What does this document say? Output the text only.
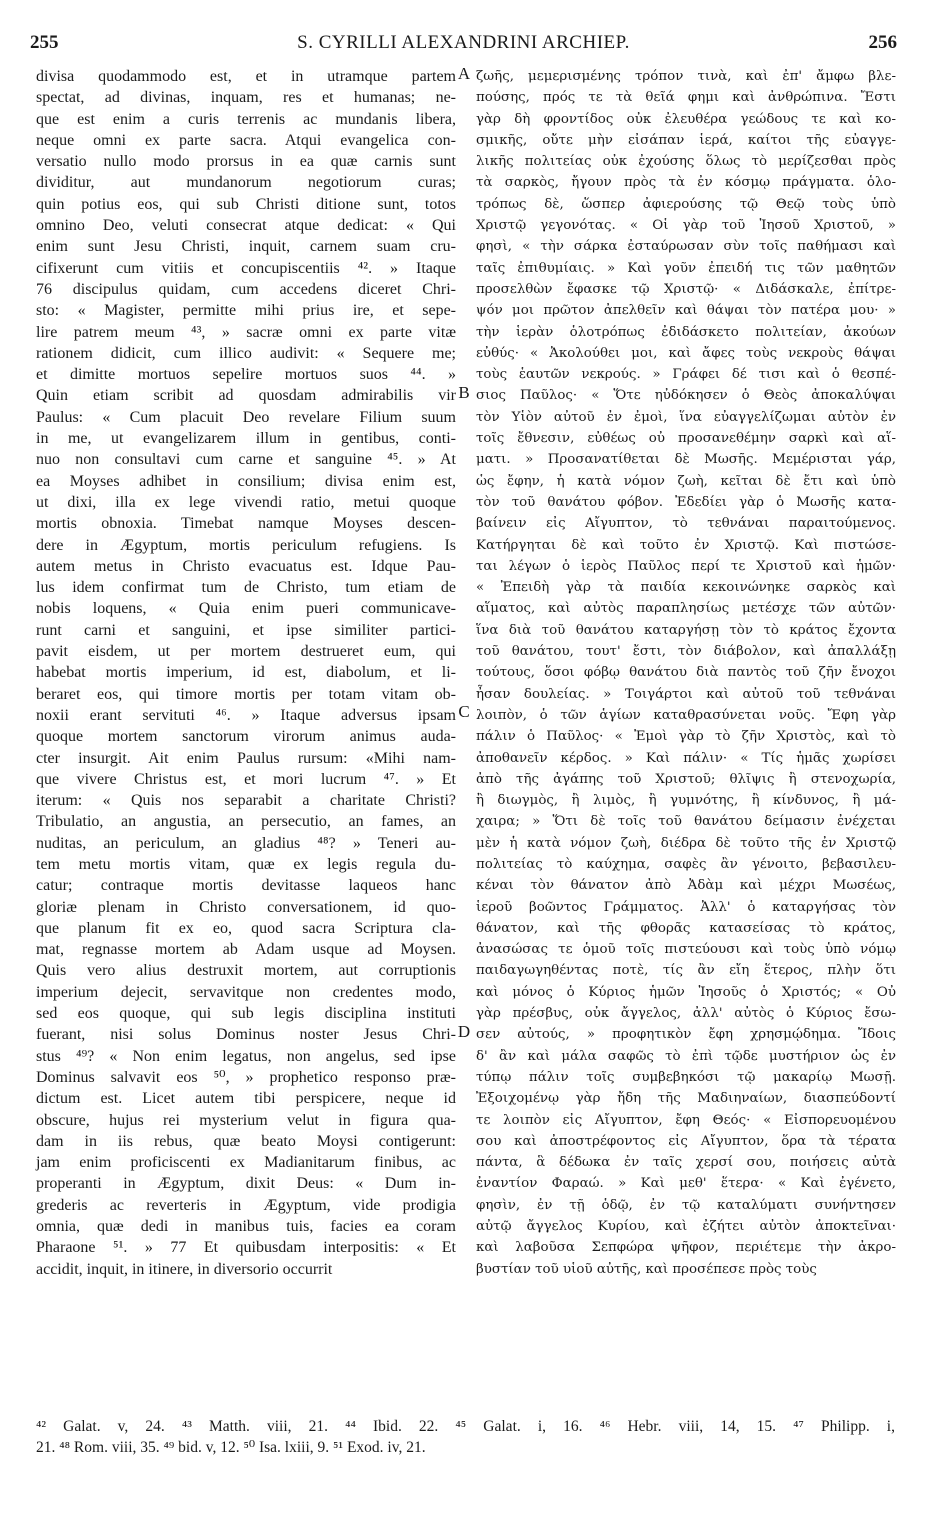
255	S. CYRILLI ALEXANDRINI ARCHIEP.	256
divisa quodammodo est, et in utramque partem
spectat, ad divinas, inquam, res et humanas; ne-
que est enim a curis terrenis ac mundanis libera,
neque omni ex parte sacra. Atqui evangelica con-
versatio nullo modo prorsus in ea quæ carnis sunt
dividitur, aut mundanorum negotiorum curas;
quin potius eos, qui sub Christi ditione sunt, totos
omnino Deo, veluti consecrat atque dedicat: « Qui
enim sunt Jesu Christi, inquit, carnem suam cru-
cifixerunt cum vitiis et concupiscentiis ⁴². » Itaque
76 discipulus quidam, cum accedens diceret Chri-
sto: « Magister, permitte mihi prius ire, et sepe-
lire patrem meum ⁴³, » sacræ omni ex parte vitæ
rationem didicit, cum illico audivit: « Sequere me;
et dimitte mortuos sepelire mortuos suos ⁴⁴. »
Quin etiam scribit ad quosdam admirabilis vir
Paulus: « Cum placuit Deo revelare Filium suum
in me, ut evangelizarem illum in gentibus, conti-
nuo non consultavi cum carne et sanguine ⁴⁵. » At
ea Moyses adhibet in consilium; divisa enim est,
ut dixi, illa ex lege vivendi ratio, metui quoque
mortis obnoxia. Timebat namque Moyses descen-
dere in Ægyptum, mortis periculum refugiens. Is
autem metus in Christo evacuatus est. Idque Pau-
lus idem confirmat tum de Christo, tum etiam de
nobis loquens, « Quia enim pueri communicave-
runt carni et sanguini, et ipse similiter partici-
pavit eisdem, ut per mortem destrueret eum, qui
habebat mortis imperium, id est, diabolum, et li-
beraret eos, qui timore mortis per totam vitam ob-
noxii erant servituti ⁴⁶. » Itaque adversus ipsam
quoque mortem sanctorum virorum animus auda-
cter insurgit. Ait enim Paulus rursum: «Mihi nam-
que vivere Christus est, et mori lucrum ⁴⁷. » Et
iterum: « Quis nos separabit a charitate Christi?
Tribulatio, an angustia, an persecutio, an fames, an
nuditas, an periculum, an gladius ⁴⁸? » Teneri au-
tem metu mortis vitam, quæ ex legis regula du-
catur; contraque mortis devitasse laqueos hanc
gloriæ plenam in Christo conversationem, id quo-
que planum fit ex eo, quod sacra Scriptura cla-
mat, regnasse mortem ab Adam usque ad Moysen.
Quis vero alius destruxit mortem, aut corruptionis
imperium dejecit, servavitque non credentes modo,
sed eos quoque, qui sub legis disciplina instituti
fuerant, nisi solus Dominus noster Jesus Chri-
stus ⁴⁹? « Non enim legatus, non angelus, sed ipse
Dominus salvavit eos ⁵⁰, » prophetico responso præ-
dictum est. Licet autem tibi perspicere, neque id
obscure, hujus rei mysterium velut in figura qua-
dam in iis rebus, quæ beato Moysi contigerunt:
jam enim proficiscenti ex Madianitarum finibus, ac
properanti in Ægyptum, dixit Deus: « Dum in-
grederis ac reverteris in Ægyptum, vide prodigia
omnia, quæ dedi in manibus tuis, facies ea coram
Pharaone ⁵¹. » 77 Et quibusdam interpositis: « Et
accidit, inquit, in itinere, in diversorio occurrit
ζωῆς, μεμερισμένης τρόπον τινὰ, καὶ ἐπ' ἄμφω βλε-
πούσης, πρός τε τὰ θεῖά φημι καὶ ἀνθρώπινα. Ἔστι
γὰρ δὴ φροντίδος οὐκ ἐλευθέρα γεώδους τε καὶ κο-
σμικῆς, οὔτε μὴν εἰσάπαν ἱερά, καίτοι τῆς εὐαγγε-
λικῆς πολιτείας οὐκ ἐχούσης ὅλως τὸ μερίζεσθαι πρὸς
τὰ σαρκὸς, ἤγουν πρὸς τὰ ἐν κόσμῳ πράγματα. ὁλο-
τρόπως δὲ, ὥσπερ ἀφιερούσης τῷ Θεῷ τοὺς ὑπὸ
Χριστῷ γεγονότας. « Οἱ γὰρ τοῦ Ἰησοῦ Χριστοῦ, »
φησὶ, « τὴν σάρκα ἐσταύρωσαν σὺν τοῖς παθήμασι καὶ
ταῖς ἐπιθυμίαις. » Καὶ γοῦν ἐπειδή τις τῶν μαθητῶν
προσελθὼν ἔφασκε τῷ Χριστῷ· « Διδάσκαλε, ἐπίτρε-
ψόν μοι πρῶτον ἀπελθεῖν καὶ θάψαι τὸν πατέρα μου· »
τὴν ἱερὰν ὁλοτρόπως ἐδιδάσκετο πολιτείαν, ἀκούων
εὐθύς· « Ἀκολούθει μοι, καὶ ἄφες τοὺς νεκροὺς θάψαι
τοὺς ἑαυτῶν νεκρούς. » Γράφει δέ τισι καὶ ὁ θεσπέ-
σιος Παῦλος· « Ὅτε ηὐδόκησεν ὁ Θεὸς ἀποκαλύψαι
τὸν Υἱὸν αὐτοῦ ἐν ἐμοὶ, ἵνα εὐαγγελίζωμαι αὐτὸν ἐν
τοῖς ἔθνεσιν, εὐθέως οὐ προσανεθέμην σαρκὶ καὶ αἵ-
ματι. » Προσανατίθεται δὲ Μωσῆς. Μεμέρισται γάρ,
ὡς ἔφην, ἡ κατὰ νόμον ζωὴ, κεῖται δὲ ἔτι καὶ ὑπὸ
τὸν τοῦ θανάτου φόβον. Ἐδεδίει γὰρ ὁ Μωσῆς κατα-
βαίνειν εἰς Αἴγυπτον, τὸ τεθνάναι παραιτούμενος.
Κατήργηται δὲ καὶ τοῦτο ἐν Χριστῷ. Καὶ πιστώσε-
ται λέγων ὁ ἱερὸς Παῦλος περί τε Χριστοῦ καὶ ἡμῶν·
« Ἐπειδὴ γὰρ τὰ παιδία κεκοινώνηκε σαρκὸς καὶ
αἵματος, καὶ αὐτὸς παραπλησίως μετέσχε τῶν αὐτῶν·
ἵνα διὰ τοῦ θανάτου καταργήσῃ τὸν τὸ κράτος ἔχοντα
τοῦ θανάτου, τουτ' ἔστι, τὸν διάβολον, καὶ ἀπαλλάξῃ
τούτους, ὅσοι φόβῳ θανάτου διὰ παντὸς τοῦ ζῆν ἔνοχοι
ἦσαν δουλείας. » Τοιγάρτοι καὶ αὐτοῦ τοῦ τεθνάναι
λοιπὸν, ὁ τῶν ἁγίων καταθρασύνεται νοῦς. Ἔφη γὰρ
πάλιν ὁ Παῦλος· « Ἐμοὶ γὰρ τὸ ζῆν Χριστὸς, καὶ τὸ
ἀποθανεῖν κέρδος. » Καὶ πάλιν· « Τίς ἡμᾶς χωρίσει
ἀπὸ τῆς ἀγάπης τοῦ Χριστοῦ; θλῖψις ἢ στενοχωρία,
ἢ διωγμὸς, ἢ λιμὸς, ἢ γυμνότης, ἢ κίνδυνος, ἢ μά-
χαιρα; » Ὅτι δὲ τοῖς τοῦ θανάτου δείμασιν ἐνέχεται
μὲν ἡ κατὰ νόμον ζωὴ, διέδρα δὲ τοῦτο τῆς ἐν Χριστῷ
πολιτείας τὸ καύχημα, σαφὲς ἂν γένοιτο, βεβασιλευ-
κέναι τὸν θάνατον ἀπὸ Ἀδὰμ καὶ μέχρι Μωσέως,
ἱεροῦ βοῶντος Γράμματος. Ἀλλ' ὁ καταργήσας τὸν
θάνατον, καὶ τῆς φθορᾶς κατασείσας τὸ κράτος,
ἀνασώσας τε ὁμοῦ τοῖς πιστεύουσι καὶ τοὺς ὑπὸ νόμῳ
παιδαγωγηθέντας ποτὲ, τίς ἂν εἴη ἕτερος, πλὴν ὅτι
καὶ μόνος ὁ Κύριος ἡμῶν Ἰησοῦς ὁ Χριστός; « Οὐ
γὰρ πρέσβυς, οὐκ ἄγγελος, ἀλλ' αὐτὸς ὁ Κύριος ἔσω-
σεν αὐτούς, » προφητικὸν ἔφη χρησμῴδημα. Ἴδοις
δ' ἂν καὶ μάλα σαφῶς τὸ ἐπὶ τῷδε μυστήριον ὡς ἐν
τύπῳ πάλιν τοῖς συμβεβηκόσι τῷ μακαρίῳ Μωσῇ.
Ἐξοιχομένῳ γὰρ ἤδη τῆς Μαδιηναίων, διασπεύδοντί
τε λοιπὸν εἰς Αἴγυπτον, ἔφη Θεός· « Εἰσπορευομένου
σου καὶ ἀποστρέφοντος εἰς Αἴγυπτον, ὅρα τὰ τέρατα
πάντα, ἃ δέδωκα ἐν ταῖς χερσί σου, ποιήσεις αὐτὰ
ἐναντίον Φαραώ. » Καὶ μεθ' ἕτερα· « Καὶ ἐγένετο,
φησὶν, ἐν τῇ ὁδῷ, ἐν τῷ καταλύματι συνήντησεν
αὐτῷ ἄγγελος Κυρίου, καὶ ἐζήτει αὐτὸν ἀποκτεῖναι·
καὶ λαβοῦσα Σεπφώρα ψῆφον, περιέτεμε τὴν ἀκρο-
βυστίαν τοῦ υἱοῦ αὐτῆς, καὶ προσέπεσε πρὸς τοὺς
A
B
C
D
⁴² Galat. v, 24. ⁴³ Matth. viii, 21. ⁴⁴ Ibid. 22. ⁴⁵ Galat. i, 16. ⁴⁶ Hebr. viii, 14, 15. ⁴⁷ Philipp. i,
21. ⁴⁸ Rom. viii, 35. ⁴⁹ bid. v, 12. ⁵⁰ Isa. lxiii, 9. ⁵¹ Exod. iv, 21.
